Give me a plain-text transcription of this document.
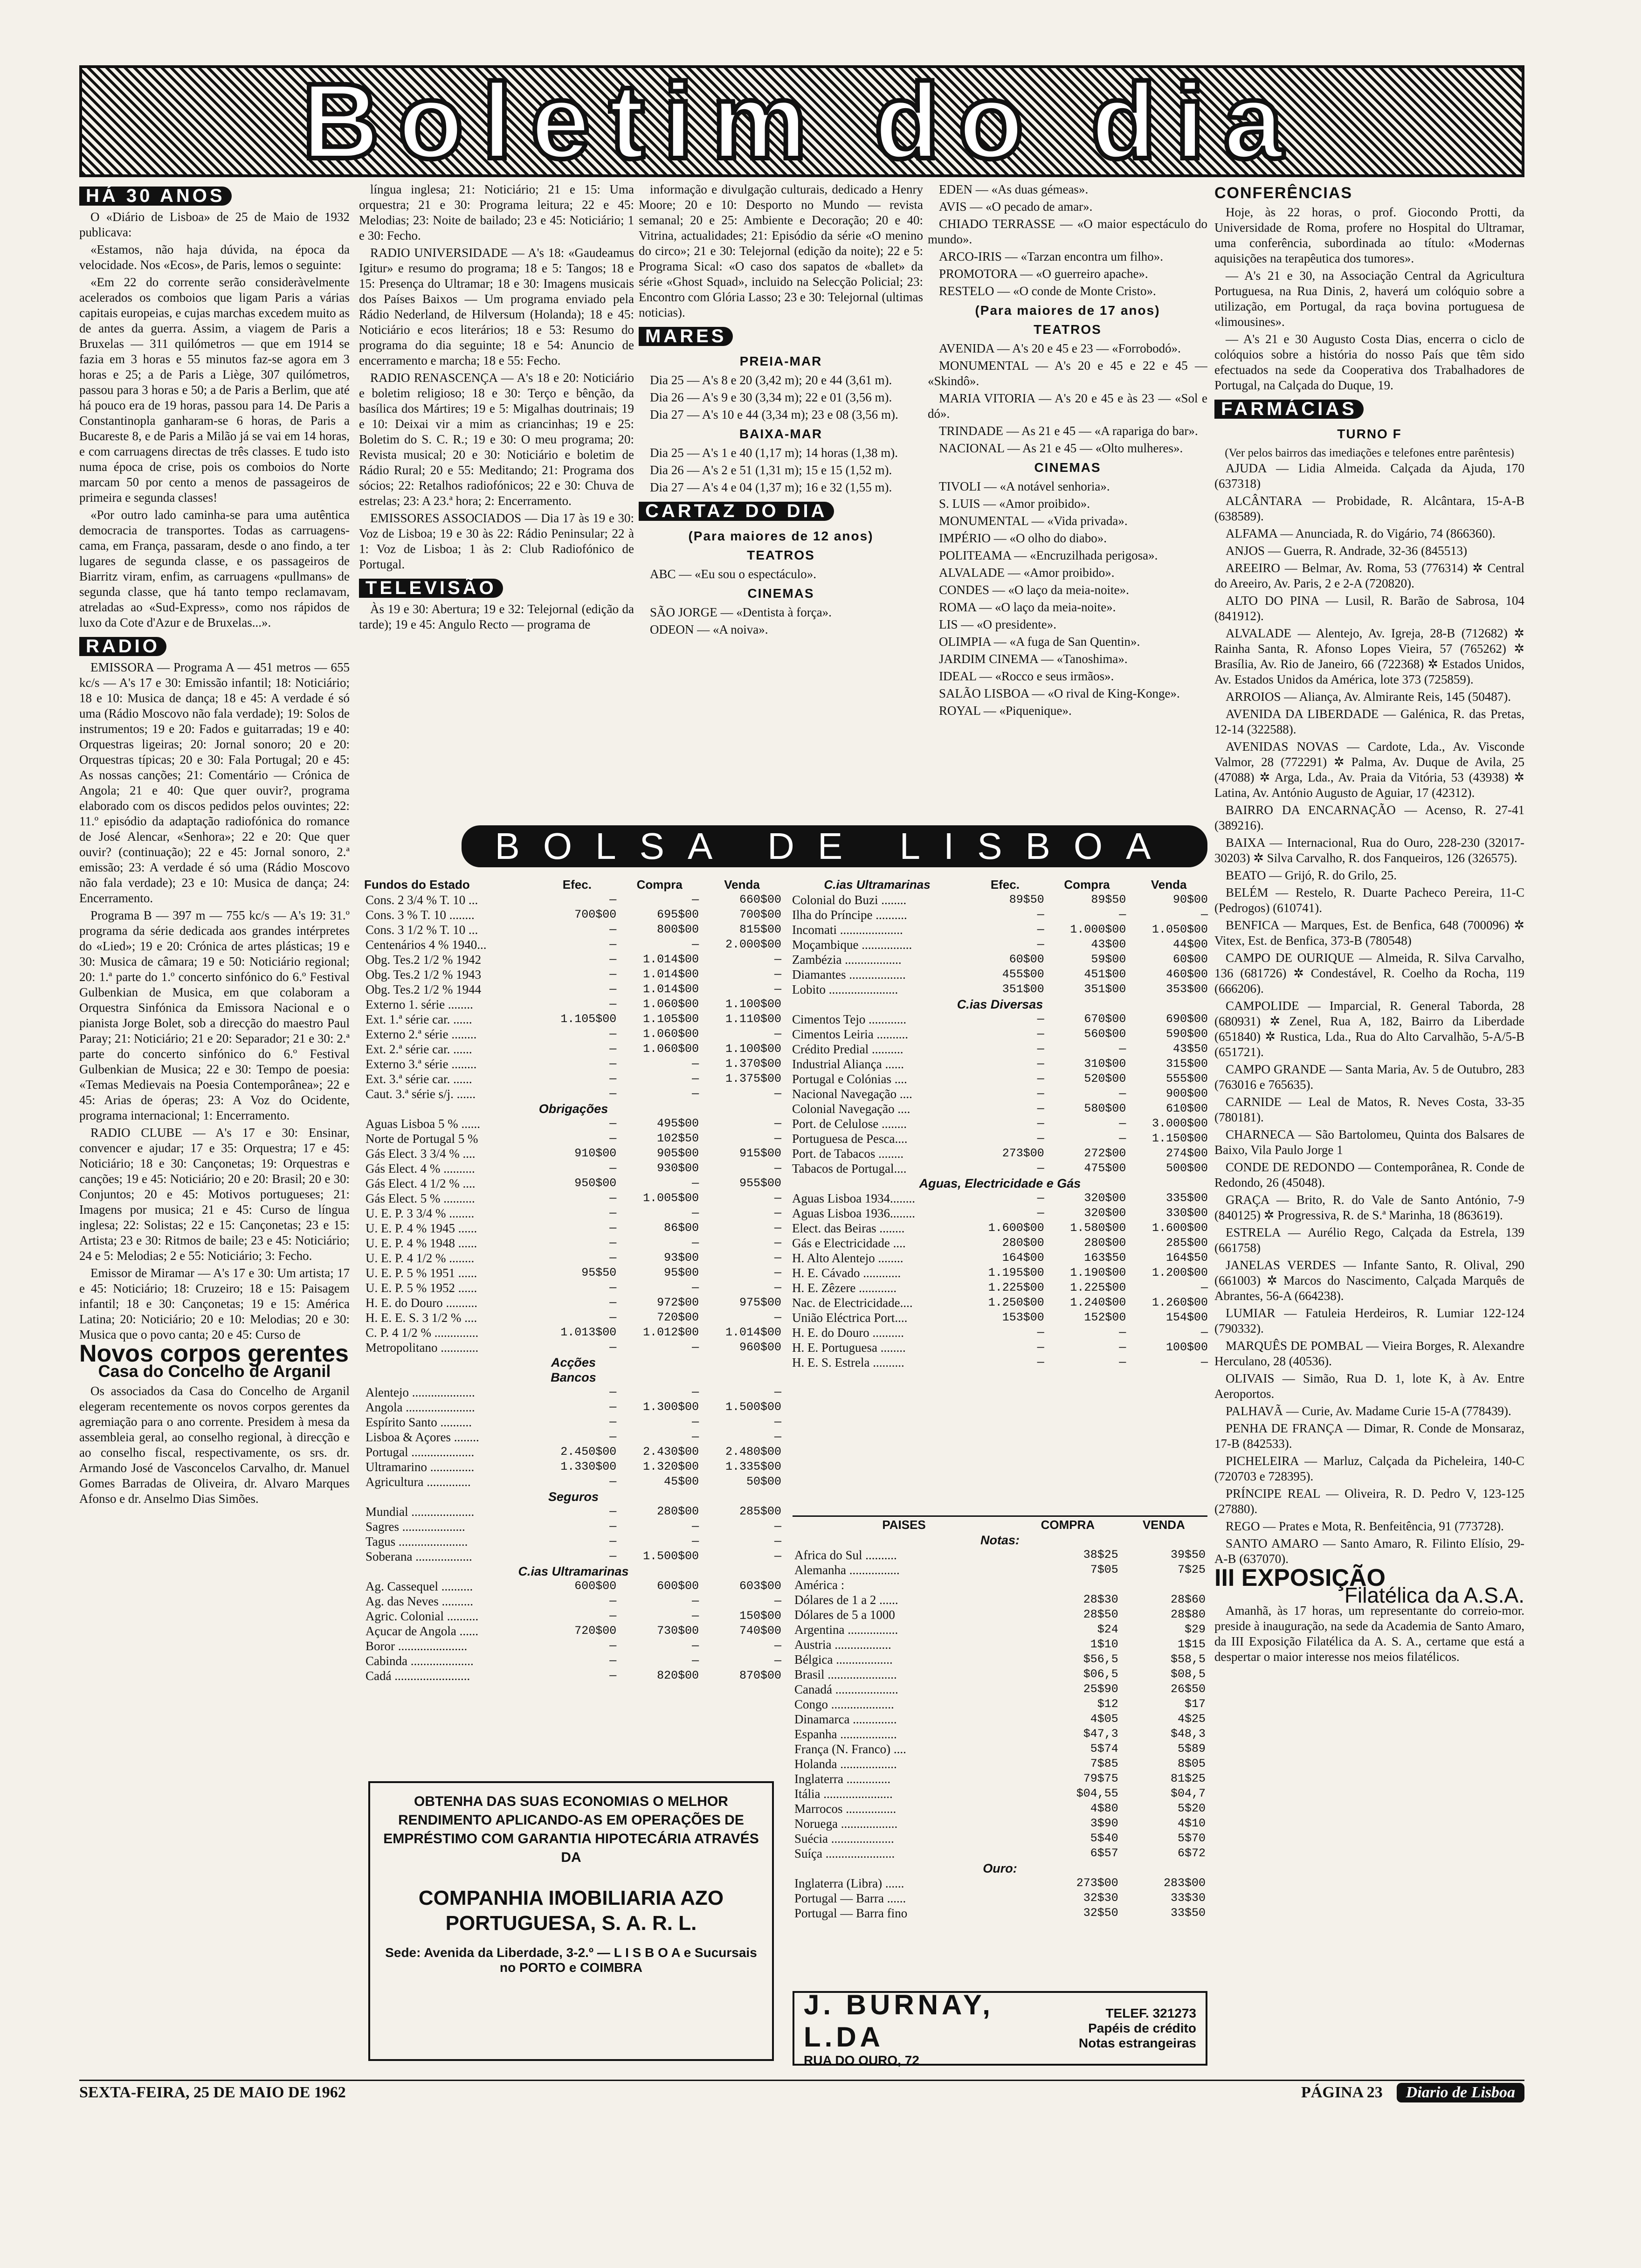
Boletim do dia
HÁ 30 ANOS

O «Diário de Lisboa» de 25 de Maio de 1932 publicava:

«Estamos, não haja dúvida, na época da velocidade. Nos «Ecos», de Paris, lemos o seguinte:

«Em 22 do corrente serão consideràvelmente acelerados os comboios que ligam Paris a várias capitais europeias, e cujas marchas excedem muito as de antes da guerra. Assim, a viagem de Paris a Bruxelas — 311 quilómetros — que em 1914 se fazia em 3 horas e 55 minutos faz-se agora em 3 horas e 25; a de Paris a Liège, 307 quilómetros, passou para 3 horas e 50; a de Paris a Berlim, que até há pouco era de 19 horas, passou para 14. De Paris a Constantinopla ganharam-se 6 horas, de Paris a Bucareste 8, e de Paris a Milão já se vai em 14 horas, e com carruagens directas de três classes. E tudo isto numa época de crise, pois os comboios do Norte marcam 50 por cento a menos de passageiros de primeira e segunda classes!

«Por outro lado caminha-se para uma autêntica democracia de transportes. Todas as carruagens-cama, em França, passaram, desde o ano findo, a ter lugares de segunda classe, e os passageiros de Biarritz viram, enfim, as carruagens «pullmans» de segunda classe, que há tanto tempo reclamavam, atreladas ao «Sud-Express», como nos rápidos de luxo da Cote d'Azur e de Bruxelas...».

RADIO

EMISSORA — Programa A — 451 metros — 655 kc/s — A's 17 e 30: Emissão infantil; 18: Noticiário; 18 e 10: Musica de dança; 18 e 45: A verdade é só uma (Rádio Moscovo não fala verdade); 19: Solos de instrumentos; 19 e 20: Fados e guitarradas; 19 e 40: Orquestras ligeiras; 20: Jornal sonoro; 20 e 20: Orquestras típicas; 20 e 30: Fala Portugal; 20 e 45: As nossas canções; 21: Comentário — Crónica de Angola; 21 e 40: Que quer ouvir?, programa elaborado com os discos pedidos pelos ouvintes; 22: 11.º episódio da adaptação radiofónica do romance de José Alencar, «Senhora»; 22 e 20: Que quer ouvir? (continuação); 22 e 45: Jornal sonoro, 2.ª emissão; 23: A verdade é só uma (Rádio Moscovo não fala verdade); 23 e 10: Musica de dança; 24: Encerramento.

Programa B — 397 m — 755 kc/s — A's 19: 31.º programa da série dedicada aos grandes intérpretes do «Lied»; 19 e 20: Crónica de artes plásticas; 19 e 30: Musica de câmara; 19 e 50: Noticiário regional; 20: 1.ª parte do 1.º concerto sinfónico do 6.º Festival Gulbenkian de Musica, em que colaboram a Orquestra Sinfónica da Emissora Nacional e o pianista Jorge Bolet, sob a direcção do maestro Paul Paray; 21: Noticiário; 21 e 20: Separador; 21 e 30: 2.ª parte do concerto sinfónico do 6.º Festival Gulbenkian de Musica; 22 e 30: Tempo de poesia: «Temas Medievais na Poesia Contemporânea»; 22 e 45: Arias de óperas; 23: A Voz do Ocidente, programa internacional; 1: Encerramento.

RADIO CLUBE — A's 17 e 30: Ensinar, convencer e ajudar; 17 e 35: Orquestra; 17 e 45: Noticiário; 18 e 30: Cançonetas; 19: Orquestras e canções; 19 e 45: Noticiário; 20 e 20: Brasil; 20 e 30: Conjuntos; 20 e 45: Motivos portugueses; 21: Imagens por musica; 21 e 45: Curso de língua inglesa; 22: Solistas; 22 e 15: Cançonetas; 23 e 15: Artista; 23 e 30: Ritmos de baile; 23 e 45: Noticiário; 24 e 5: Melodias; 2 e 55: Noticiário; 3: Fecho.

Emissor de Miramar — A's 17 e 30: Um artista; 17 e 45: Noticiário; 18: Cruzeiro; 18 e 15: Paisagem infantil; 18 e 30: Cançonetas; 19 e 15: América Latina; 20: Noticiário; 20 e 10: Melodias; 20 e 30: Musica que o povo canta; 20 e 45: Curso de

Novos corpos gerentes
Casa do Concelho de Arganil

Os associados da Casa do Concelho de Arganil elegeram recentemente os novos corpos gerentes da agremiação para o ano corrente. Presidem à mesa da assembleia geral, ao conselho regional, à direcção e ao conselho fiscal, respectivamente, os srs. dr. Armando José de Vasconcelos Carvalho, dr. Manuel Gomes Barradas de Oliveira, dr. Alvaro Marques Afonso e dr. Anselmo Dias Simões.

língua inglesa; 21: Noticiário; 21 e 15: Uma orquestra; 21 e 30: Programa leitura; 22 e 45: Melodias; 23: Noite de bailado; 23 e 45: Noticiário; 1 e 30: Fecho.

RADIO UNIVERSIDADE — A's 18: «Gaudeamus Igitur» e resumo do programa; 18 e 5: Tangos; 18 e 15: Presença do Ultramar; 18 e 30: Imagens musicais dos Países Baixos — Um programa enviado pela Rádio Nederland, de Hilversum (Holanda); 18 e 45: Noticiário e ecos literários; 18 e 53: Resumo do programa do dia seguinte; 18 e 54: Anuncio de encerramento e marcha; 18 e 55: Fecho.

RADIO RENASCENÇA — A's 18 e 20: Noticiário e boletim religioso; 18 e 30: Terço e bênção, da basílica dos Mártires; 19 e 5: Migalhas doutrinais; 19 e 10: Deixai vir a mim as criancinhas; 19 e 25: Boletim do S. C. R.; 19 e 30: O meu programa; 20: Revista musical; 20 e 30: Noticiário e boletim de Rádio Rural; 20 e 55: Meditando; 21: Programa dos sócios; 22: Retalhos radiofónicos; 22 e 30: Chuva de estrelas; 23: A 23.ª hora; 2: Encerramento.

EMISSORES ASSOCIADOS — Dia 17 às 19 e 30: Voz de Lisboa; 19 e 30 às 22: Rádio Peninsular; 22 à 1: Voz de Lisboa; 1 às 2: Club Radiofónico de Portugal.

TELEVISÃO

Às 19 e 30: Abertura; 19 e 32: Telejornal (edição da tarde); 19 e 45: Angulo Recto — programa de

informação e divulgação culturais, dedicado a Henry Moore; 20 e 10: Desporto no Mundo — revista semanal; 20 e 25: Ambiente e Decoração; 20 e 40: Vitrina, actualidades; 21: Episódio da série «O menino do circo»; 21 e 30: Telejornal (edição da noite); 22 e 5: Programa Sical: «O caso dos sapatos de «ballet» da série «Ghost Squad», incluido na Selecção Policial; 23: Encontro com Glória Lasso; 23 e 30: Telejornal (ultimas noticias).

MARES
PREIA-MAR

Dia 25 — A's 8 e 20 (3,42 m); 20 e 44 (3,61 m).

Dia 26 — A's 9 e 30 (3,34 m); 22 e 01 (3,56 m).

Dia 27 — A's 10 e 44 (3,34 m); 23 e 08 (3,56 m).

BAIXA-MAR

Dia 25 — A's 1 e 40 (1,17 m); 14 horas (1,38 m).

Dia 26 — A's 2 e 51 (1,31 m); 15 e 15 (1,52 m).

Dia 27 — A's 4 e 04 (1,37 m); 16 e 32 (1,55 m).

CARTAZ DO DIA
(Para maiores de 12 anos)
TEATROS

ABC — «Eu sou o espectáculo».

CINEMAS

SÃO JORGE — «Dentista à força».

ODEON — «A noiva».

EDEN — «As duas gémeas».

AVIS — «O pecado de amar».

CHIADO TERRASSE — «O maior espectáculo do mundo».

ARCO-IRIS — «Tarzan encontra um filho».

PROMOTORA — «O guerreiro apache».

RESTELO — «O conde de Monte Cristo».

(Para maiores de 17 anos)
TEATROS

AVENIDA — A's 20 e 45 e 23 — «Forrobodó».

MONUMENTAL — A's 20 e 45 e 22 e 45 — «Skindô».

MARIA VITORIA — A's 20 e 45 e às 23 — «Sol e dó».

TRINDADE — As 21 e 45 — «A rapariga do bar».

NACIONAL — As 21 e 45 — «Olto mulheres».

CINEMAS

TIVOLI — «A notável senhoria».

S. LUIS — «Amor proibido».

MONUMENTAL — «Vida privada».

IMPÉRIO — «O olho do diabo».

POLITEAMA — «Encruzilhada perigosa».

ALVALADE — «Amor proibido».

CONDES — «O laço da meia-noite».

ROMA — «O laço da meia-noite».

LIS — «O presidente».

OLIMPIA — «A fuga de San Quentin».

JARDIM CINEMA — «Tanoshima».

IDEAL — «Rocco e seus irmãos».

SALÃO LISBOA — «O rival de King-Konge».

ROYAL — «Piquenique».

CONFERÊNCIAS

Hoje, às 22 horas, o prof. Giocondo Protti, da Universidade de Roma, profere no Hospital do Ultramar, uma conferência, subordinada ao título: «Modernas aquisições na terapêutica dos tumores».

— A's 21 e 30, na Associação Central da Agricultura Portuguesa, na Rua Dinis, 2, haverá um colóquio sobre a utilização, em Portugal, da raça bovina portuguesa de «limousines».

— A's 21 e 30 Augusto Costa Dias, encerra o ciclo de colóquios sobre a história do nosso País que têm sido efectuados na sede da Cooperativa dos Trabalhadores de Portugal, na Calçada do Duque, 19.

FARMÁCIAS
TURNO F
(Ver pelos bairros das imediações e telefones entre parêntesis)

AJUDA — Lidia Almeida. Calçada da Ajuda, 170 (637318)

ALCÂNTARA — Probidade, R. Alcântara, 15-A-B (638589).

ALFAMA — Anunciada, R. do Vigário, 74 (866360).

ANJOS — Guerra, R. Andrade, 32-36 (845513)

AREEIRO — Belmar, Av. Roma, 53 (776314) ✲ Central do Areeiro, Av. Paris, 2 e 2-A (720820).

ALTO DO PINA — Lusil, R. Barão de Sabrosa, 104 (841912).

ALVALADE — Alentejo, Av. Igreja, 28-B (712682) ✲ Rainha Santa, R. Afonso Lopes Vieira, 57 (765262) ✲ Brasília, Av. Rio de Janeiro, 66 (722368) ✲ Estados Unidos, Av. Estados Unidos da América, lote 373 (725859).

ARROIOS — Aliança, Av. Almirante Reis, 145 (50487).

AVENIDA DA LIBERDADE — Galénica, R. das Pretas, 12-14 (322588).

AVENIDAS NOVAS — Cardote, Lda., Av. Visconde Valmor, 28 (772291) ✲ Palma, Av. Duque de Avila, 25 (47088) ✲ Arga, Lda., Av. Praia da Vitória, 53 (43938) ✲ Latina, Av. António Augusto de Aguiar, 17 (42312).

BAIRRO DA ENCARNAÇÃO — Acenso, R. 27-41 (389216).

BAIXA — Internacional, Rua do Ouro, 228-230 (32017-30203) ✲ Silva Carvalho, R. dos Fanqueiros, 126 (326575).

BEATO — Grijó, R. do Grilo, 25.

BELÉM — Restelo, R. Duarte Pacheco Pereira, 11-C (Pedrogos) (610741).

BENFICA — Marques, Est. de Benfica, 648 (700096) ✲ Vitex, Est. de Benfica, 373-B (780548)

CAMPO DE OURIQUE — Almeida, R. Silva Carvalho, 136 (681726) ✲ Condestável, R. Coelho da Rocha, 119 (666206).

CAMPOLIDE — Imparcial, R. General Taborda, 28 (680931) ✲ Zenel, Rua A, 182, Bairro da Liberdade (651840) ✲ Rustica, Lda., Rua do Alto Carvalhão, 5-A/5-B (651721).

CAMPO GRANDE — Santa Maria, Av. 5 de Outubro, 283 (763016 e 765635).

CARNIDE — Leal de Matos, R. Neves Costa, 33-35 (780181).

CHARNECA — São Bartolomeu, Quinta dos Balsares de Baixo, Vila Paulo Jorge 1

CONDE DE REDONDO — Contemporânea, R. Conde de Redondo, 26 (45048).

GRAÇA — Brito, R. do Vale de Santo António, 7-9 (840125) ✲ Progressiva, R. de S.ª Marinha, 18 (863619).

ESTRELA — Aurélio Rego, Calçada da Estrela, 139 (661758)

JANELAS VERDES — Infante Santo, R. Olival, 290 (661003) ✲ Marcos do Nascimento, Calçada Marquês de Abrantes, 56-A (664238).

LUMIAR — Fatuleia Herdeiros, R. Lumiar 122-124 (790332).

MARQUÊS DE POMBAL — Vieira Borges, R. Alexandre Herculano, 28 (40536).

OLIVAIS — Simão, Rua D. 1, lote K, à Av. Entre Aeroportos.

PALHAVÃ — Curie, Av. Madame Curie 15-A (778439).

PENHA DE FRANÇA — Dimar, R. Conde de Monsaraz, 17-B (842533).

PICHELEIRA — Marluz, Calçada da Picheleira, 140-C (720703 e 728395).

PRÍNCIPE REAL — Oliveira, R. D. Pedro V, 123-125 (27880).

REGO — Prates e Mota, R. Benfeitência, 91 (773728).

SANTO AMARO — Santo Amaro, R. Filinto Elísio, 29-A-B (637070).

III EXPOSIÇÃO
Filatélica da A.S.A.

Amanhã, às 17 horas, um representante do correio-mor. preside à inauguração, na sede da Academia de Santo Amaro, da III Exposição Filatélica da A. S. A., certame que está a despertar o maior interesse nos meios filatélicos.

BOLSA DE LISBOA
Fundos do Estado	Efec.	Compra	Venda
Cons. 2 3/4 % T. 10 ...	—	—	660$00
Cons. 3 % T. 10 ........	700$00	695$00	700$00
Cons. 3 1/2 % T. 10 ...	—	800$00	815$00
Centenários 4 % 1940...	—	—	2.000$00
Obg. Tes.2 1/2 % 1942	—	1.014$00	—
Obg. Tes.2 1/2 % 1943	—	1.014$00	—
Obg. Tes.2 1/2 % 1944	—	1.014$00	—
Externo 1. série ........	—	1.060$00	1.100$00
Ext. 1.ª série car. ......	1.105$00	1.105$00	1.110$00
Externo 2.ª série ........	—	1.060$00	—
Ext. 2.ª série car. ......	—	1.060$00	1.100$00
Externo 3.ª série ........	—	—	1.370$00
Ext. 3.ª série car. ......	—	—	1.375$00
Caut. 3.ª série s/j. ......	—	—	—
Obrigações			
Aguas Lisboa 5 % ......	—	495$00	—
Norte de Portugal 5 %	—	102$50	—
Gás Elect. 3 3/4 % ....	910$00	905$00	915$00
Gás Elect. 4 % ..........	—	930$00	—
Gás Elect. 4 1/2 % ....	950$00	—	955$00
Gás Elect. 5 % ..........	—	1.005$00	—
U. E. P. 3 3/4 % ........	—	—	—
U. E. P. 4 % 1945 ......	—	86$00	—
U. E. P. 4 % 1948 ......	—	—	—
U. E. P. 4 1/2 % ........	—	93$00	—
U. E. P. 5 % 1951 ......	95$50	95$00	—
U. E. P. 5 % 1952 ......	—	—	—
H. E. do Douro ..........	—	972$00	975$00
H. E. E. S. 3 1/2 % ....	—	720$00	—
C. P. 4 1/2 % ..............	1.013$00	1.012$00	1.014$00
Metropolitano ............	—	—	960$00
Acções			
Bancos			
Alentejo ....................	—	—	—
Angola ......................	—	1.300$00	1.500$00
Espírito Santo ..........	—	—	—
Lisboa & Açores ........	—	—	—
Portugal ....................	2.450$00	2.430$00	2.480$00
Ultramarino ..............	1.330$00	1.320$00	1.335$00
Agricultura ..............	—	45$00	50$00
Seguros			
Mundial ....................	—	280$00	285$00
Sagres ....................	—	—	—
Tagus ......................	—	—	—
Soberana ..................	—	1.500$00	—
C.ias Ultramarinas			
Ag. Cassequel ..........	600$00	600$00	603$00
Ag. das Neves ..........	—	—	—
Agric. Colonial ..........	—	—	150$00
Açucar de Angola ......	720$00	730$00	740$00
Boror ......................	—	—	—
Cabinda ....................	—	—	—
Cadá ........................	—	820$00	870$00
C.ias Ultramarinas	Efec.	Compra	Venda
Colonial do Buzi ........	89$50	89$50	90$00
Ilha do Príncipe ..........	—	—	—
Incomati ....................	—	1.000$00	1.050$00
Moçambique ................	—	43$00	44$00
Zambézia ..................	60$00	59$00	60$00
Diamantes ..................	455$00	451$00	460$00
Lobito ......................	351$00	351$00	353$00
C.ias Diversas			
Cimentos Tejo ............	—	670$00	690$00
Cimentos Leiria ..........	—	560$00	590$00
Crédito Predial ..........	—	—	43$50
Industrial Aliança ......	—	310$00	315$00
Portugal e Colónias ....	—	520$00	555$00
Nacional Navegação ....	—	—	900$00
Colonial Navegação ....	—	580$00	610$00
Port. de Celulose ........	—	—	3.000$00
Portuguesa de Pesca....	—	—	1.150$00
Port. de Tabacos ........	273$00	272$00	274$00
Tabacos de Portugal....	—	475$00	500$00
Aguas, Electricidade e Gás			
Aguas Lisboa 1934........	—	320$00	335$00
Aguas Lisboa 1936........	—	320$00	330$00
Elect. das Beiras ........	1.600$00	1.580$00	1.600$00
Gás e Electricidade ....	280$00	280$00	285$00
H. Alto Alentejo ........	164$00	163$50	164$50
H. E. Cávado ............	1.195$00	1.190$00	1.200$00
H. E. Zêzere ............	1.225$00	1.225$00	—
Nac. de Electricidade....	1.250$00	1.240$00	1.260$00
União Eléctrica Port....	153$00	152$00	154$00
H. E. do Douro ..........	—	—	—
H. E. Portuguesa ........	—	—	100$00
H. E. S. Estrela ..........	—	—	—
PAISES	COMPRA	VENDA
Notas:		
Africa do Sul ..........	38$25	39$50
Alemanha ................	7$05	7$25
América :		
Dólares de 1 a 2 ......	28$30	28$60
Dólares de 5 a 1000	28$50	28$80
Argentina ................	$24	$29
Austria ..................	1$10	1$15
Bélgica ..................	$56,5	$58,5
Brasil ......................	$06,5	$08,5
Canadá ....................	25$90	26$50
Congo ....................	$12	$17
Dinamarca ..............	4$05	4$25
Espanha ..................	$47,3	$48,3
França (N. Franco) ....	5$74	5$89
Holanda ..................	7$85	8$05
Inglaterra ..............	79$75	81$25
Itália ......................	$04,55	$04,7
Marrocos ................	4$80	5$20
Noruega ..................	3$90	4$10
Suécia ....................	5$40	5$70
Suíça ......................	6$57	6$72
Ouro:		
Inglaterra (Libra) ......	273$00	283$00
Portugal — Barra ......	32$30	33$30
Portugal — Barra fino	32$50	33$50
OBTENHA DAS SUAS ECONOMIAS O MELHOR RENDIMENTO APLICANDO-AS EM OPERAÇÕES DE EMPRÉSTIMO COM GARANTIA HIPOTECÁRIA ATRAVÉS DA
COMPANHIA IMOBILIARIA AZO PORTUGUESA, S. A. R. L.
Sede: Avenida da Liberdade, 3-2.º — L I S B O A e Sucursais no PORTO e COIMBRA
J. BURNAY, L.DA
RUA DO OURO, 72
TELEF. 321273
Papéis de crédito
Notas estrangeiras
SEXTA-FEIRA, 25 DE MAIO DE 1962	PÁGINA 23	Diario de Lisboa
